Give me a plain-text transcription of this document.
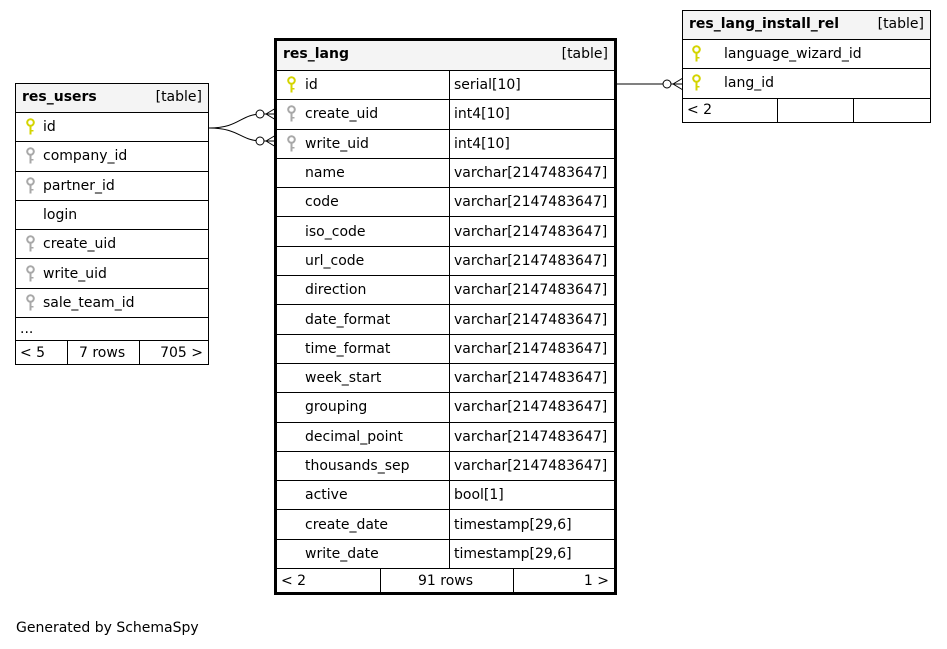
res_users	[table]
id
company_id
partner_id
login
create_uid
write_uid
sale_team_id
...
< 5 7 rows 705 >
res_lang	[table]
id	serial[10]
create_uid	int4[10]
write_uid	int4[10]
name	varchar[2147483647]
code	varchar[2147483647]
iso_code	varchar[2147483647]
url_code	varchar[2147483647]
direction	varchar[2147483647]
date_format	varchar[2147483647]
time_format	varchar[2147483647]
week_start	varchar[2147483647]
grouping	varchar[2147483647]
decimal_point	varchar[2147483647]
thousands_sep	varchar[2147483647]
active	bool[1]
create_date	timestamp[29,6]
write_date	timestamp[29,6]
< 2	91 rows	1 >
res_lang_install_rel	[table]
language_wizard_id
lang_id
< 2
Generated by SchemaSpy
